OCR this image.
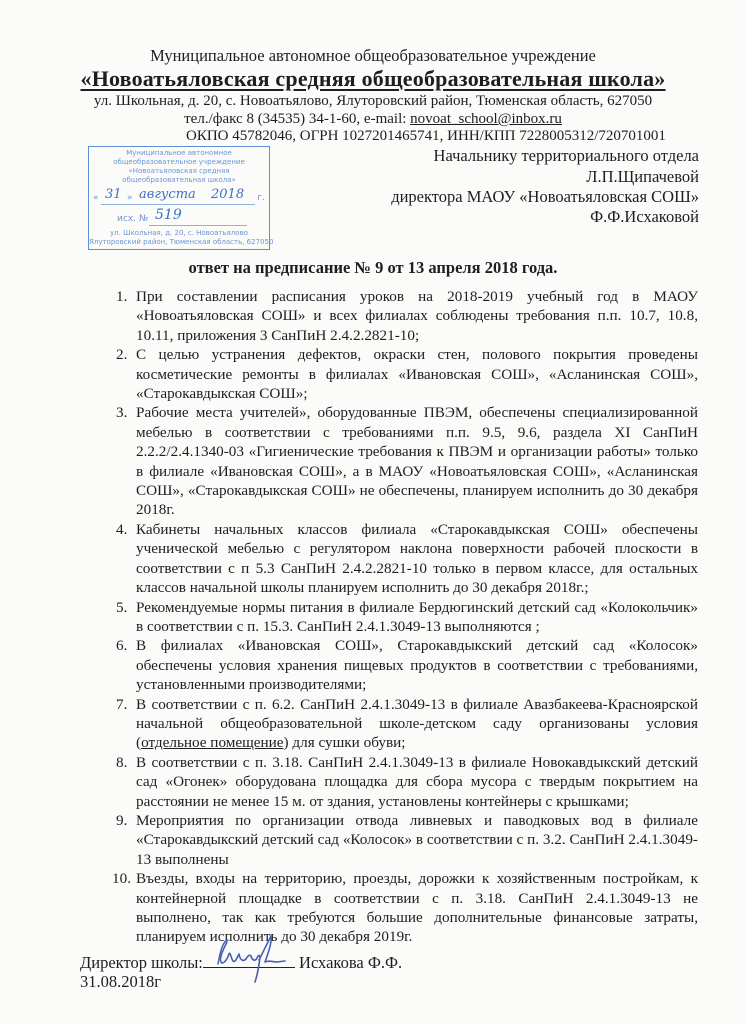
Муниципальное автономное общеобразовательное учреждение
«Новоатьяловская средняя общеобразовательная школа»
ул. Школьная, д. 20, с. Новоатьялово, Ялуторовский район, Тюменская область, 627050
тел./факс 8 (34535) 34-1-60, e-mail: novoat_school@inbox.ru
ОКПО 45782046, ОГРН 1027201465741, ИНН/КПП 7228005312/720701001
Муниципальное автономное
общеобразовательное учреждение
«Новоатьяловская средняя
общеобразовательная школа»
« 31 » августа 2018 г.
исх. № 519
ул. Школьная, д. 20, с. Новоатьялово
Ялуторовский район, Тюменская область, 627050
Начальнику территориального отдела
Л.П.Щипачевой
директора МАОУ «Новоатьяловская СОШ»
Ф.Ф.Исхаковой
ответ на предписание № 9 от 13 апреля 2018 года.
1. При составлении расписания уроков на 2018-2019 учебный год в МАОУ «Новоатьяловская СОШ» и всех филиалах соблюдены требования п.п. 10.7, 10.8, 10.11, приложения 3 СанПиН 2.4.2.2821-10;
2. С целью устранения дефектов, окраски стен, полового покрытия проведены косметические ремонты в филиалах «Ивановская СОШ», «Асланинская СОШ», «Старокавдыкская СОШ»;
3. Рабочие места учителей», оборудованные ПВЭМ, обеспечены специализированной мебелью в соответствии с требованиями п.п. 9.5, 9.6, раздела XI СанПиН 2.2.2/2.4.1340-03 «Гигиенические требования к ПВЭМ и организации работы» только в филиале «Ивановская СОШ», а в МАОУ «Новоатьяловская СОШ», «Асланинская СОШ», «Старокавдыкская СОШ» не обеспечены, планируем исполнить до 30 декабря 2018г.
4. Кабинеты начальных классов филиала «Старокавдыкская СОШ» обеспечены ученической мебелью с регулятором наклона поверхности рабочей плоскости в соответствии с п 5.3 СанПиН 2.4.2.2821-10 только в первом классе, для остальных классов начальной школы планируем исполнить до 30 декабря 2018г.;
5. Рекомендуемые нормы питания в филиале Бердюгинский детский сад «Колокольчик» в соответствии с п. 15.3. СанПиН 2.4.1.3049-13 выполняются ;
6. В филиалах «Ивановская СОШ», Старокавдыкский детский сад «Колосок» обеспечены условия хранения пищевых продуктов в соответствии с требованиями, установленными производителями;
7. В соответствии с п. 6.2. СанПиН 2.4.1.3049-13 в филиале Авазбакеева-Красноярской начальной общеобразовательной школе-детском саду организованы условия (отдельное помещение) для сушки обуви;
8. В соответствии с п. 3.18. СанПиН 2.4.1.3049-13 в филиале Новокавдыкский детский сад «Огонек» оборудована площадка для сбора мусора с твердым покрытием на расстоянии не менее 15 м. от здания, установлены контейнеры с крышками;
9. Мероприятия по организации отвода ливневых и паводковых вод в филиале «Старокавдыкский детский сад «Колосок» в соответствии с п. 3.2. СанПиН 2.4.1.3049-13 выполнены
10. Въезды, входы на территорию, проезды, дорожки к хозяйственным постройкам, к контейнерной площадке в соответствии с п. 3.18. СанПиН 2.4.1.3049-13 не выполнено, так как требуются большие дополнительные финансовые затраты, планируем исполнить до 30 декабря 2019г.
Директор школы:	Исхакова Ф.Ф.
31.08.2018г
